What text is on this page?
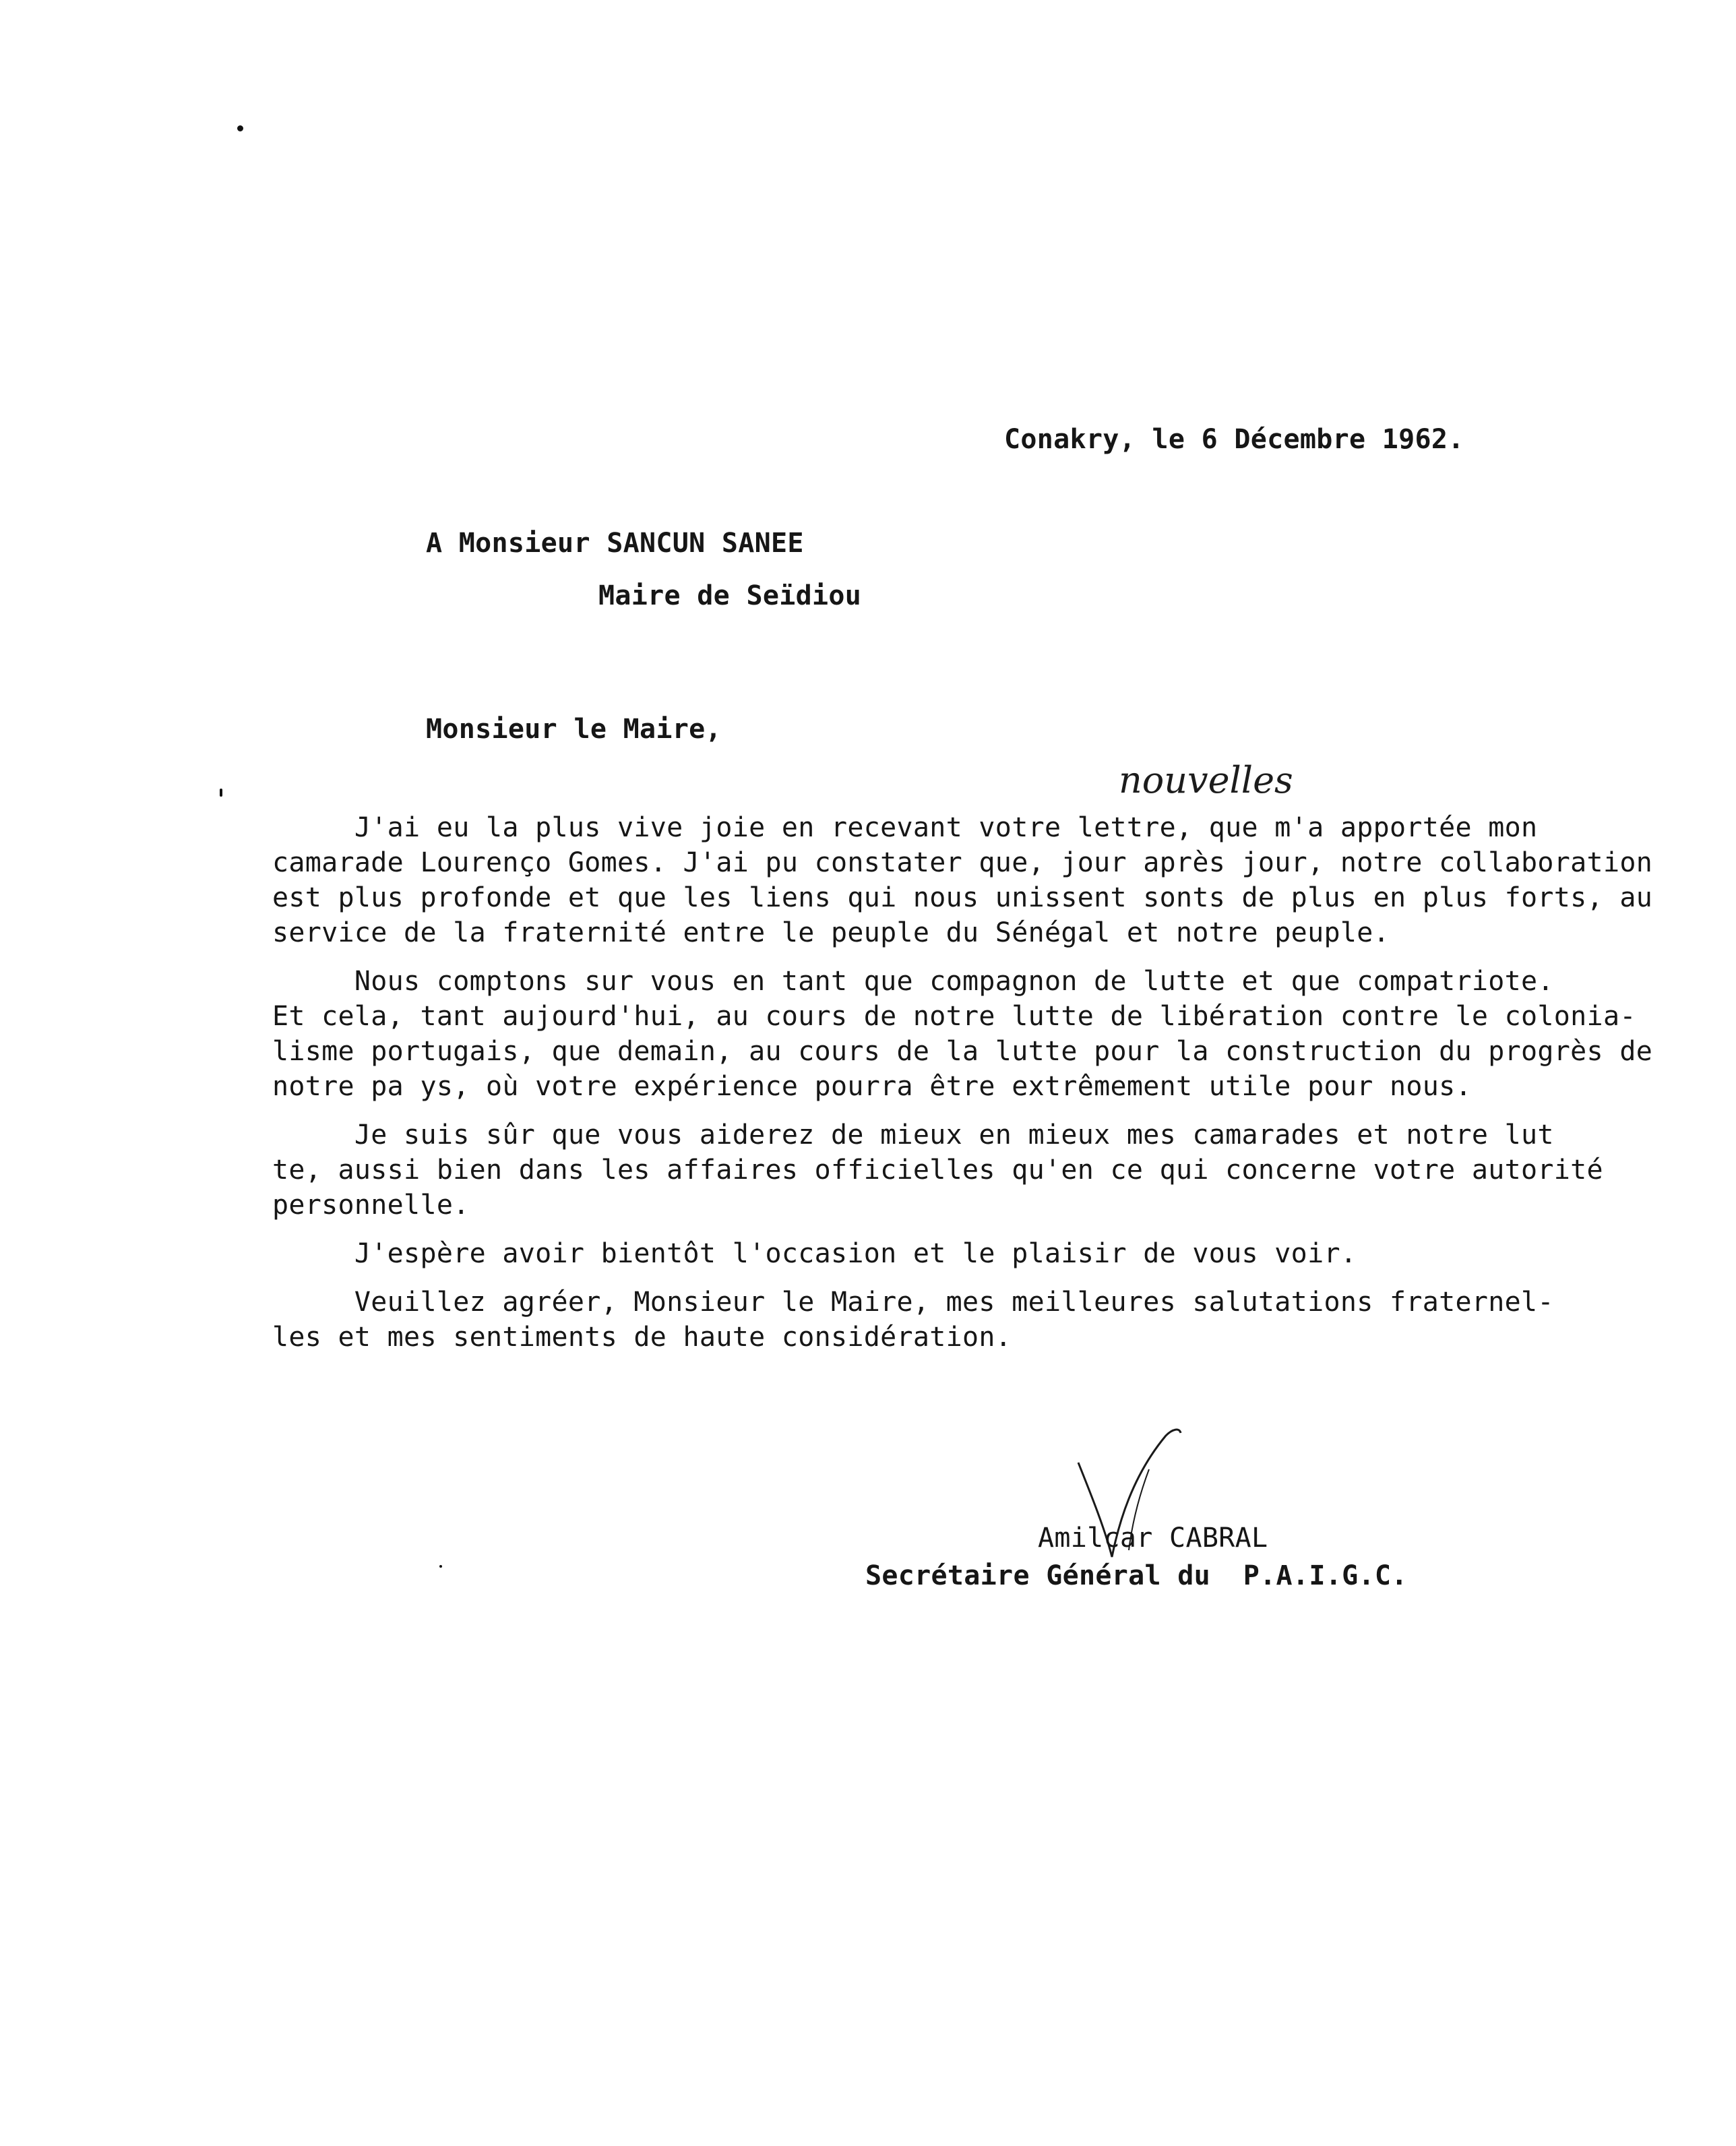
Conakry, le 6 Décembre 1962.
A Monsieur SANCUN SANEE
Maire de Seïdiou
Monsieur le Maire,
nouvelles
J'ai eu la plus vive joie en recevant votre lettre, que m'a apportée mon
camarade Lourenço Gomes. J'ai pu constater que, jour après jour, notre collaboration
est plus profonde et que les liens qui nous unissent sonts de plus en plus forts, au
service de la fraternité entre le peuple du Sénégal et notre peuple.
Nous comptons sur vous en tant que compagnon de lutte et que compatriote.
Et cela, tant aujourd'hui, au cours de notre lutte de libération contre le colonia-
lisme portugais, que demain, au cours de la lutte pour la construction du progrès de
notre pa ys, où votre expérience pourra être extrêmement utile pour nous.
Je suis sûr que vous aiderez de mieux en mieux mes camarades et notre lut
te, aussi bien dans les affaires officielles qu'en ce qui concerne votre autorité
personnelle.
J'espère avoir bientôt l'occasion et le plaisir de vous voir.
Veuillez agréer, Monsieur le Maire, mes meilleures salutations fraternel-
les et mes sentiments de haute considération.
Amilcar CABRAL
Secrétaire Général du  P.A.I.G.C.
